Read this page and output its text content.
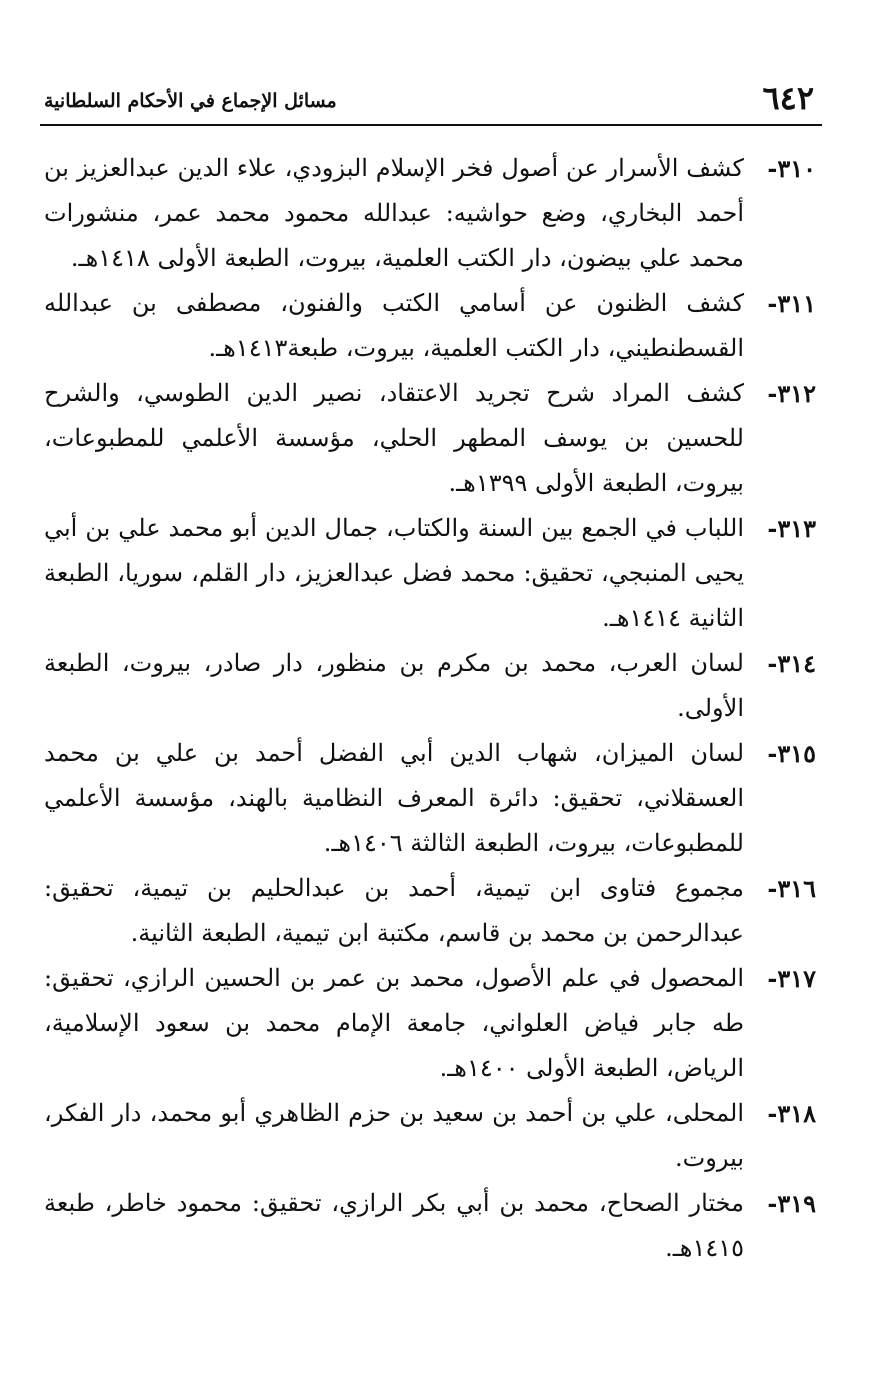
٦٤٢
مسائل الإجماع في الأحكام السلطانية
٣١٠-
كشف الأسرار عن أصول فخر الإسلام البزودي، علاء الدين عبدالعزيز بن أحمد البخاري، وضع حواشيه: عبدالله محمود محمد عمر، منشورات محمد علي بيضون، دار الكتب العلمية، بيروت، الطبعة الأولى ١٤١٨هـ.
٣١١-
كشف الظنون عن أسامي الكتب والفنون، مصطفى بن عبدالله القسطنطيني، دار الكتب العلمية، بيروت، طبعة١٤١٣هـ.
٣١٢-
كشف المراد شرح تجريد الاعتقاد، نصير الدين الطوسي، والشرح للحسين بن يوسف المطهر الحلي، مؤسسة الأعلمي للمطبوعات، بيروت، الطبعة الأولى ١٣٩٩هـ.
٣١٣-
اللباب في الجمع بين السنة والكتاب، جمال الدين أبو محمد علي بن أبي يحيى المنبجي، تحقيق: محمد فضل عبدالعزيز، دار القلم، سوريا، الطبعة الثانية ١٤١٤هـ.
٣١٤-
لسان العرب، محمد بن مكرم بن منظور، دار صادر، بيروت، الطبعة الأولى.
٣١٥-
لسان الميزان، شهاب الدين أبي الفضل أحمد بن علي بن محمد العسقلاني، تحقيق: دائرة المعرف النظامية بالهند، مؤسسة الأعلمي للمطبوعات، بيروت، الطبعة الثالثة ١٤٠٦هـ.
٣١٦-
مجموع فتاوى ابن تيمية، أحمد بن عبدالحليم بن تيمية، تحقيق: عبدالرحمن بن محمد بن قاسم، مكتبة ابن تيمية، الطبعة الثانية.
٣١٧-
المحصول في علم الأصول، محمد بن عمر بن الحسين الرازي، تحقيق: طه جابر فياض العلواني، جامعة الإمام محمد بن سعود الإسلامية، الرياض، الطبعة الأولى ١٤٠٠هـ.
٣١٨-
المحلى، علي بن أحمد بن سعيد بن حزم الظاهري أبو محمد، دار الفكر، بيروت.
٣١٩-
مختار الصحاح، محمد بن أبي بكر الرازي، تحقيق: محمود خاطر، طبعة ١٤١٥هـ.
